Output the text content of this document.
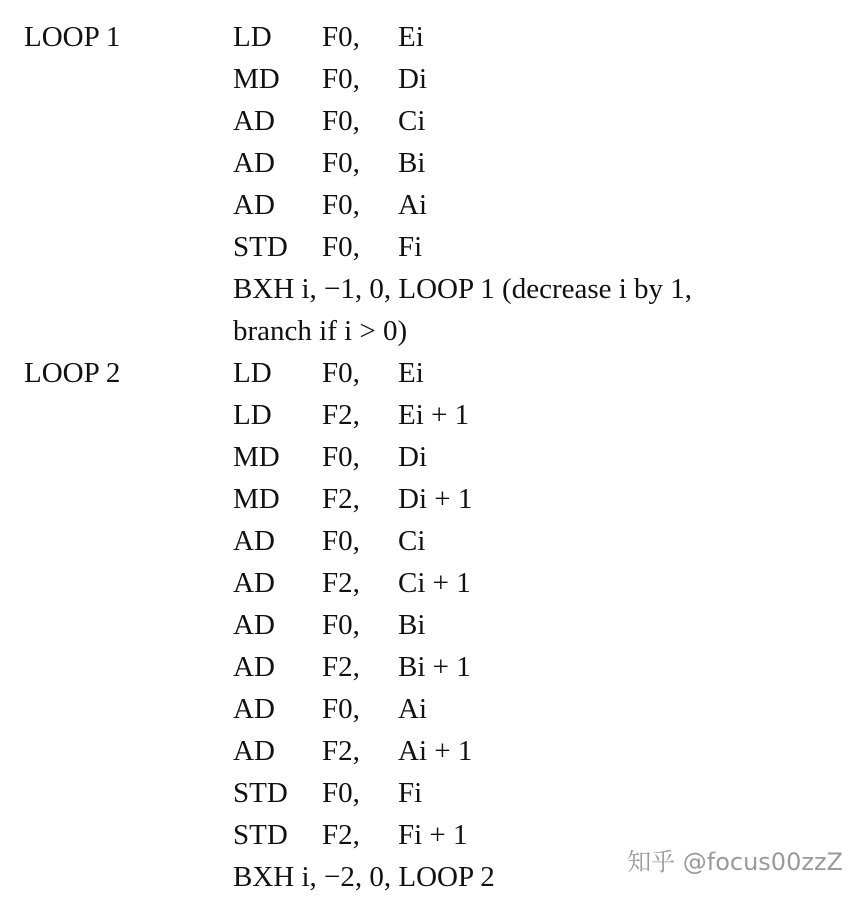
LOOP 1	LD F0, Ei
MD F0, Di
AD F0, Ci
AD F0, Bi
AD F0, Ai
STD F0, Fi
BXH i, −1, 0, LOOP 1 (decrease i by 1,
branch if i > 0)
LOOP 2	LD F0, Ei
LD F2, Ei + 1
MD F0, Di
MD F2, Di + 1
AD F0, Ci
AD F2, Ci + 1
AD F0, Bi
AD F2, Bi + 1
AD F0, Ai
AD F2, Ai + 1
STD F0, Fi
STD F2, Fi + 1
BXH i, −2, 0, LOOP 2	知乎 @focus00zzZ
